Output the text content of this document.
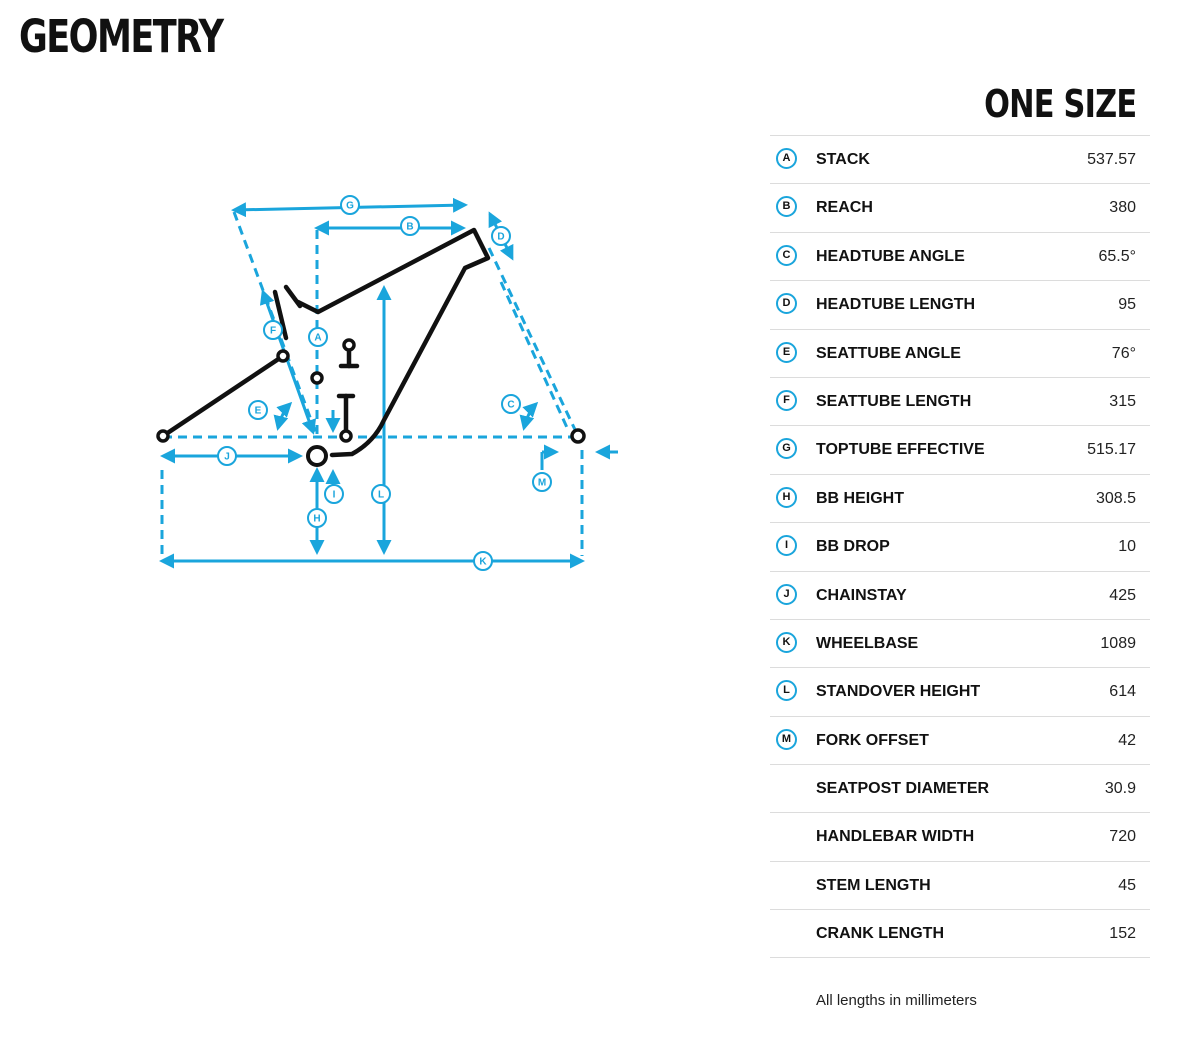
GEOMETRY
G
B
D
F
A
E
C
J
M
I	L
H
K
ONE SIZE
A	STACK	537.57
B	REACH	380
C	HEADTUBE ANGLE	65.5°
D	HEADTUBE LENGTH	95
E	SEATTUBE ANGLE	76°
F	SEATTUBE LENGTH	315
G	TOPTUBE EFFECTIVE	515.17
H	BB HEIGHT	308.5
I	BB DROP	10
J	CHAINSTAY	425
K	WHEELBASE	1089
L	STANDOVER HEIGHT	614
M	FORK OFFSET	42
SEATPOST DIAMETER	30.9
HANDLEBAR WIDTH	720
STEM LENGTH	45
CRANK LENGTH	152
All lengths in millimeters
